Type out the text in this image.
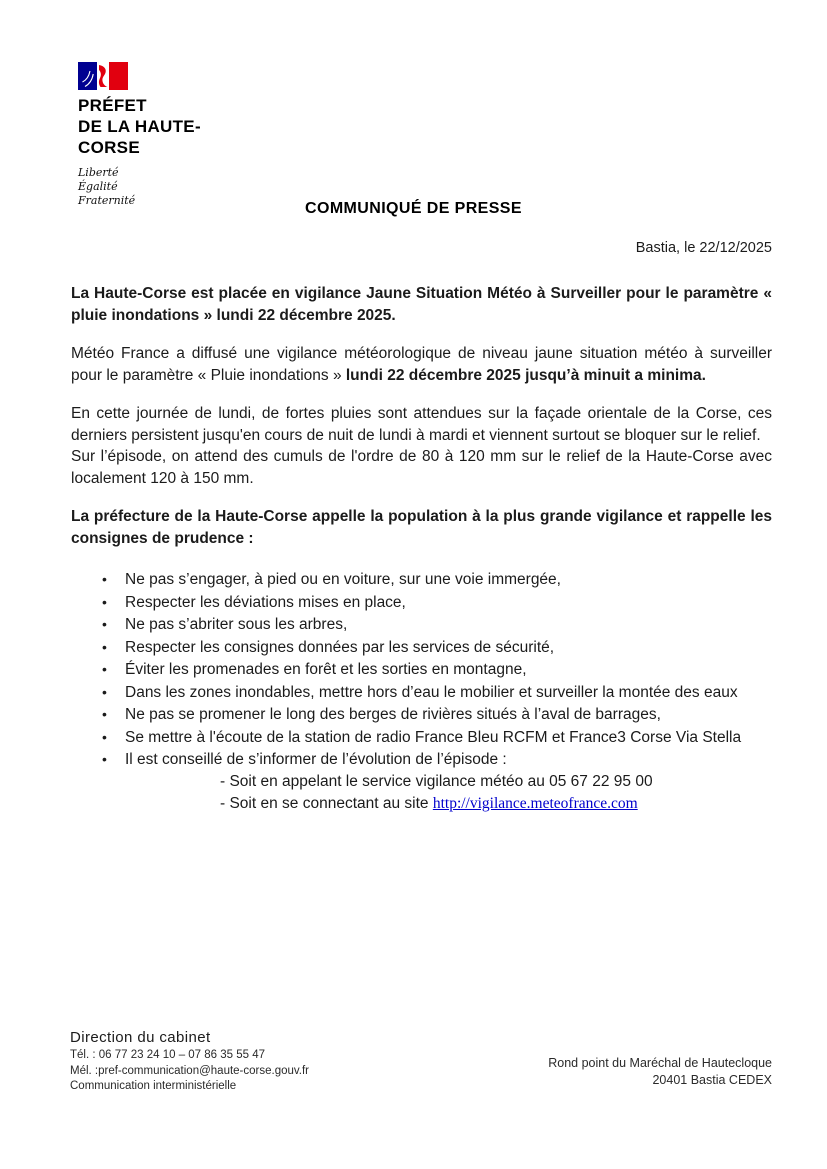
PRÉFET
DE LA HAUTE-
CORSE
Liberté
Égalité
Fraternité	COMMUNIQUÉ DE PRESSE
Bastia, le 22/12/2025

La Haute-Corse est placée en vigilance Jaune Situation Météo à Surveiller pour le paramètre « pluie inondations » lundi 22 décembre 2025.

Météo France a diffusé une vigilance météorologique de niveau jaune situation météo à surveiller pour le paramètre « Pluie inondations » lundi 22 décembre 2025 jusqu’à minuit a minima.

En cette journée de lundi, de fortes pluies sont attendues sur la façade orientale de la Corse, ces derniers persistent jusqu'en cours de nuit de lundi à mardi et viennent surtout se bloquer sur le relief.
Sur l’épisode, on attend des cumuls de l'ordre de 80 à 120 mm sur le relief de la Haute-Corse avec localement 120 à 150 mm.

La préfecture de la Haute-Corse appelle la population à la plus grande vigilance et rappelle les consignes de prudence :

• Ne pas s’engager, à pied ou en voiture, sur une voie immergée,
• Respecter les déviations mises en place,
• Ne pas s’abriter sous les arbres,
• Respecter les consignes données par les services de sécurité,
• Éviter les promenades en forêt et les sorties en montagne,
• Dans les zones inondables, mettre hors d’eau le mobilier et surveiller la montée des eaux
• Ne pas se promener le long des berges de rivières situés à l’aval de barrages,
• Se mettre à l'écoute de la station de radio France Bleu RCFM et France3 Corse Via Stella
• Il est conseillé de s’informer de l’évolution de l’épisode :
- Soit en appelant le service vigilance météo au 05 67 22 95 00
- Soit en se connectant au site http://vigilance.meteofrance.com
Direction du cabinet
Tél. : 06 77 23 24 10 – 07 86 35 55 47
Mél. :pref-communication@haute-corse.gouv.fr
Communication interministérielle
Rond point du Maréchal de Hautecloque
20401 Bastia CEDEX
